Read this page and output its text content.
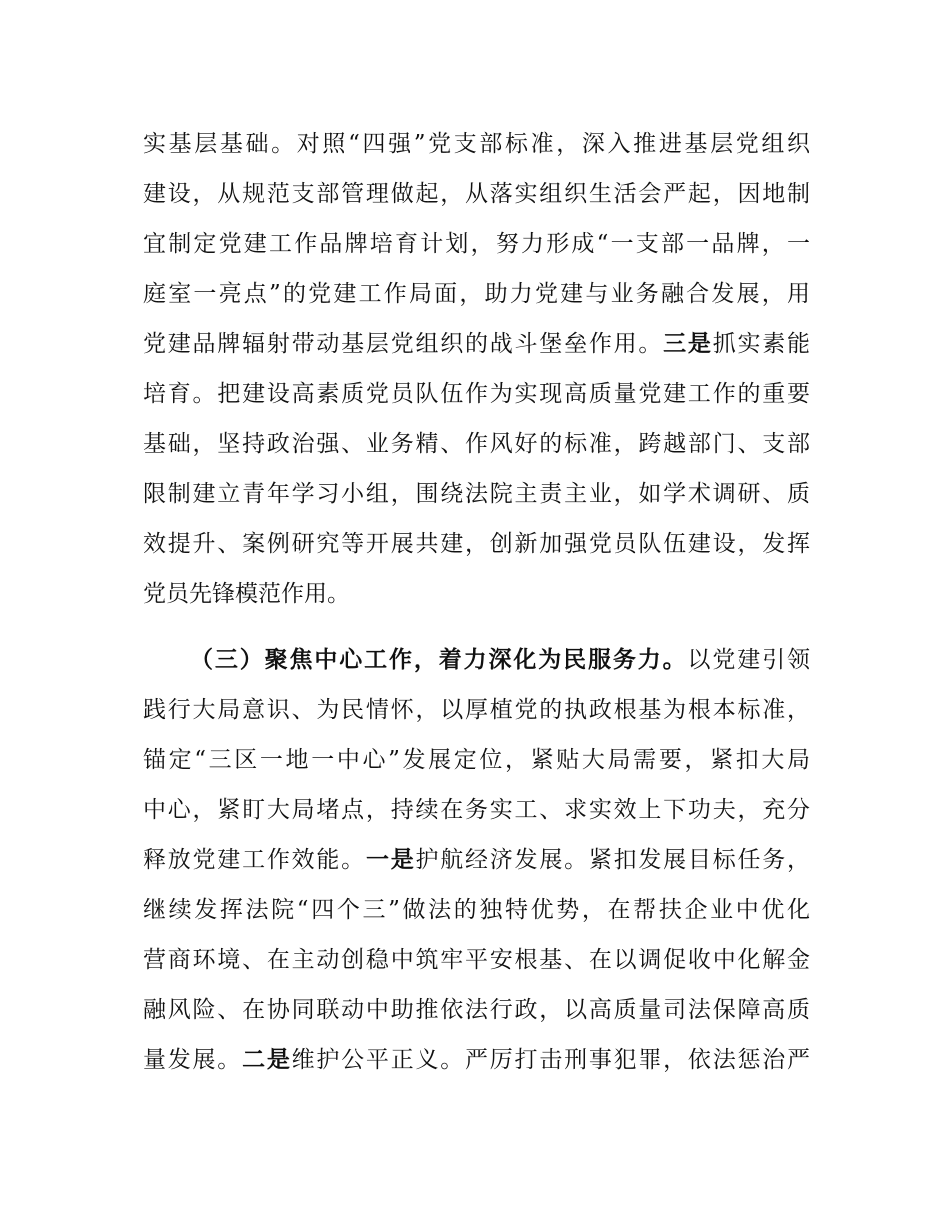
实基层基础。对照“四强”党支部标准，深入推进基层党组织
建设，从规范支部管理做起，从落实组织生活会严起，因地制
宜制定党建工作品牌培育计划，努力形成“一支部一品牌，一
庭室一亮点”的党建工作局面，助力党建与业务融合发展，用
党建品牌辐射带动基层党组织的战斗堡垒作用。三是抓实素能
培育。把建设高素质党员队伍作为实现高质量党建工作的重要
基础，坚持政治强、业务精、作风好的标准，跨越部门、支部
限制建立青年学习小组，围绕法院主责主业，如学术调研、质
效提升、案例研究等开展共建，创新加强党员队伍建设，发挥
党员先锋模范作用。
（三）聚焦中心工作，着力深化为民服务力。以党建引领
践行大局意识、为民情怀，以厚植党的执政根基为根本标准，
锚定“三区一地一中心”发展定位，紧贴大局需要，紧扣大局
中心，紧盯大局堵点，持续在务实工、求实效上下功夫，充分
释放党建工作效能。一是护航经济发展。紧扣发展目标任务，
继续发挥法院“四个三”做法的独特优势，在帮扶企业中优化
营商环境、在主动创稳中筑牢平安根基、在以调促收中化解金
融风险、在协同联动中助推依法行政，以高质量司法保障高质
量发展。二是维护公平正义。严厉打击刑事犯罪，依法惩治严
